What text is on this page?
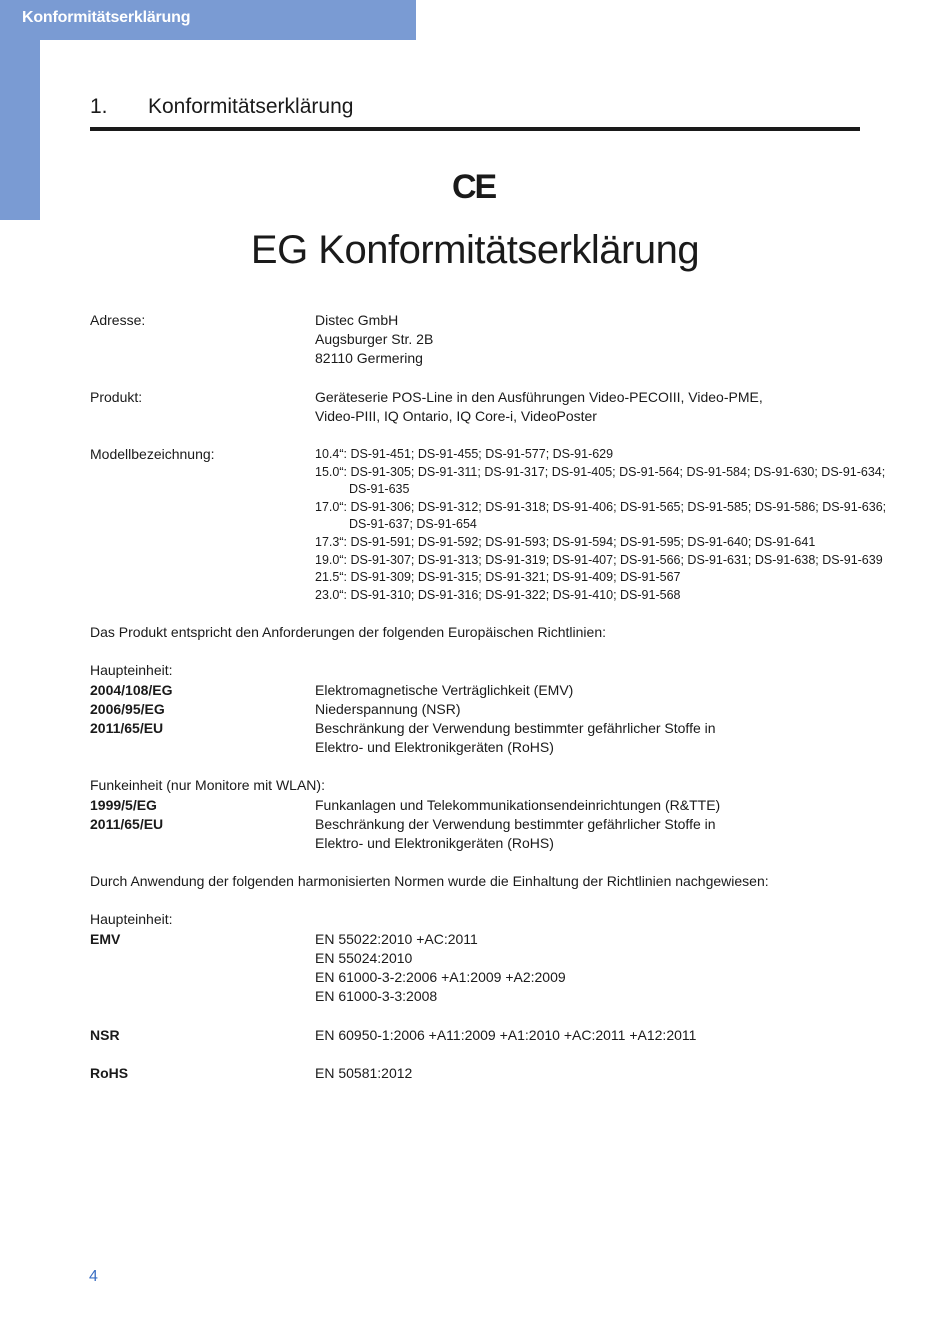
Konformitätserklärung
1. Konformitätserklärung
CE
EG Konformitätserklärung
Adresse:	Distec GmbH
Augsburger Str. 2B
82110 Germering
Produkt:	Geräteserie POS-Line in den Ausführungen Video-PECOIII, Video-PME,
Video-PIII, IQ Ontario, IQ Core-i, VideoPoster
Modellbezeichnung:	10.4“: DS-91-451; DS-91-455; DS-91-577; DS-91-629
15.0“: DS-91-305; DS-91-311; DS-91-317; DS-91-405; DS-91-564; DS-91-584; DS-91-630; DS-91-634;
DS-91-635
17.0“: DS-91-306; DS-91-312; DS-91-318; DS-91-406; DS-91-565; DS-91-585; DS-91-586; DS-91-636;
DS-91-637; DS-91-654
17.3“: DS-91-591; DS-91-592; DS-91-593; DS-91-594; DS-91-595; DS-91-640; DS-91-641
19.0“: DS-91-307; DS-91-313; DS-91-319; DS-91-407; DS-91-566; DS-91-631; DS-91-638; DS-91-639
21.5“: DS-91-309; DS-91-315; DS-91-321; DS-91-409; DS-91-567
23.0“: DS-91-310; DS-91-316; DS-91-322; DS-91-410; DS-91-568
Das Produkt entspricht den Anforderungen der folgenden Europäischen Richtlinien:
Haupteinheit:
2004/108/EG	Elektromagnetische Verträglichkeit (EMV)
2006/95/EG	Niederspannung (NSR)
2011/65/EU	Beschränkung der Verwendung bestimmter gefährlicher Stoffe in
Elektro- und Elektronikgeräten (RoHS)
Funkeinheit (nur Monitore mit WLAN):
1999/5/EG	Funkanlagen und Telekommunikationsendeinrichtungen (R&TTE)
2011/65/EU	Beschränkung der Verwendung bestimmter gefährlicher Stoffe in
Elektro- und Elektronikgeräten (RoHS)
Durch Anwendung der folgenden harmonisierten Normen wurde die Einhaltung der Richtlinien nachgewiesen:
Haupteinheit:
EMV	EN 55022:2010 +AC:2011
EN 55024:2010
EN 61000-3-2:2006 +A1:2009 +A2:2009
EN 61000-3-3:2008
NSR	EN 60950-1:2006 +A11:2009 +A1:2010 +AC:2011 +A12:2011
RoHS	EN 50581:2012
4
